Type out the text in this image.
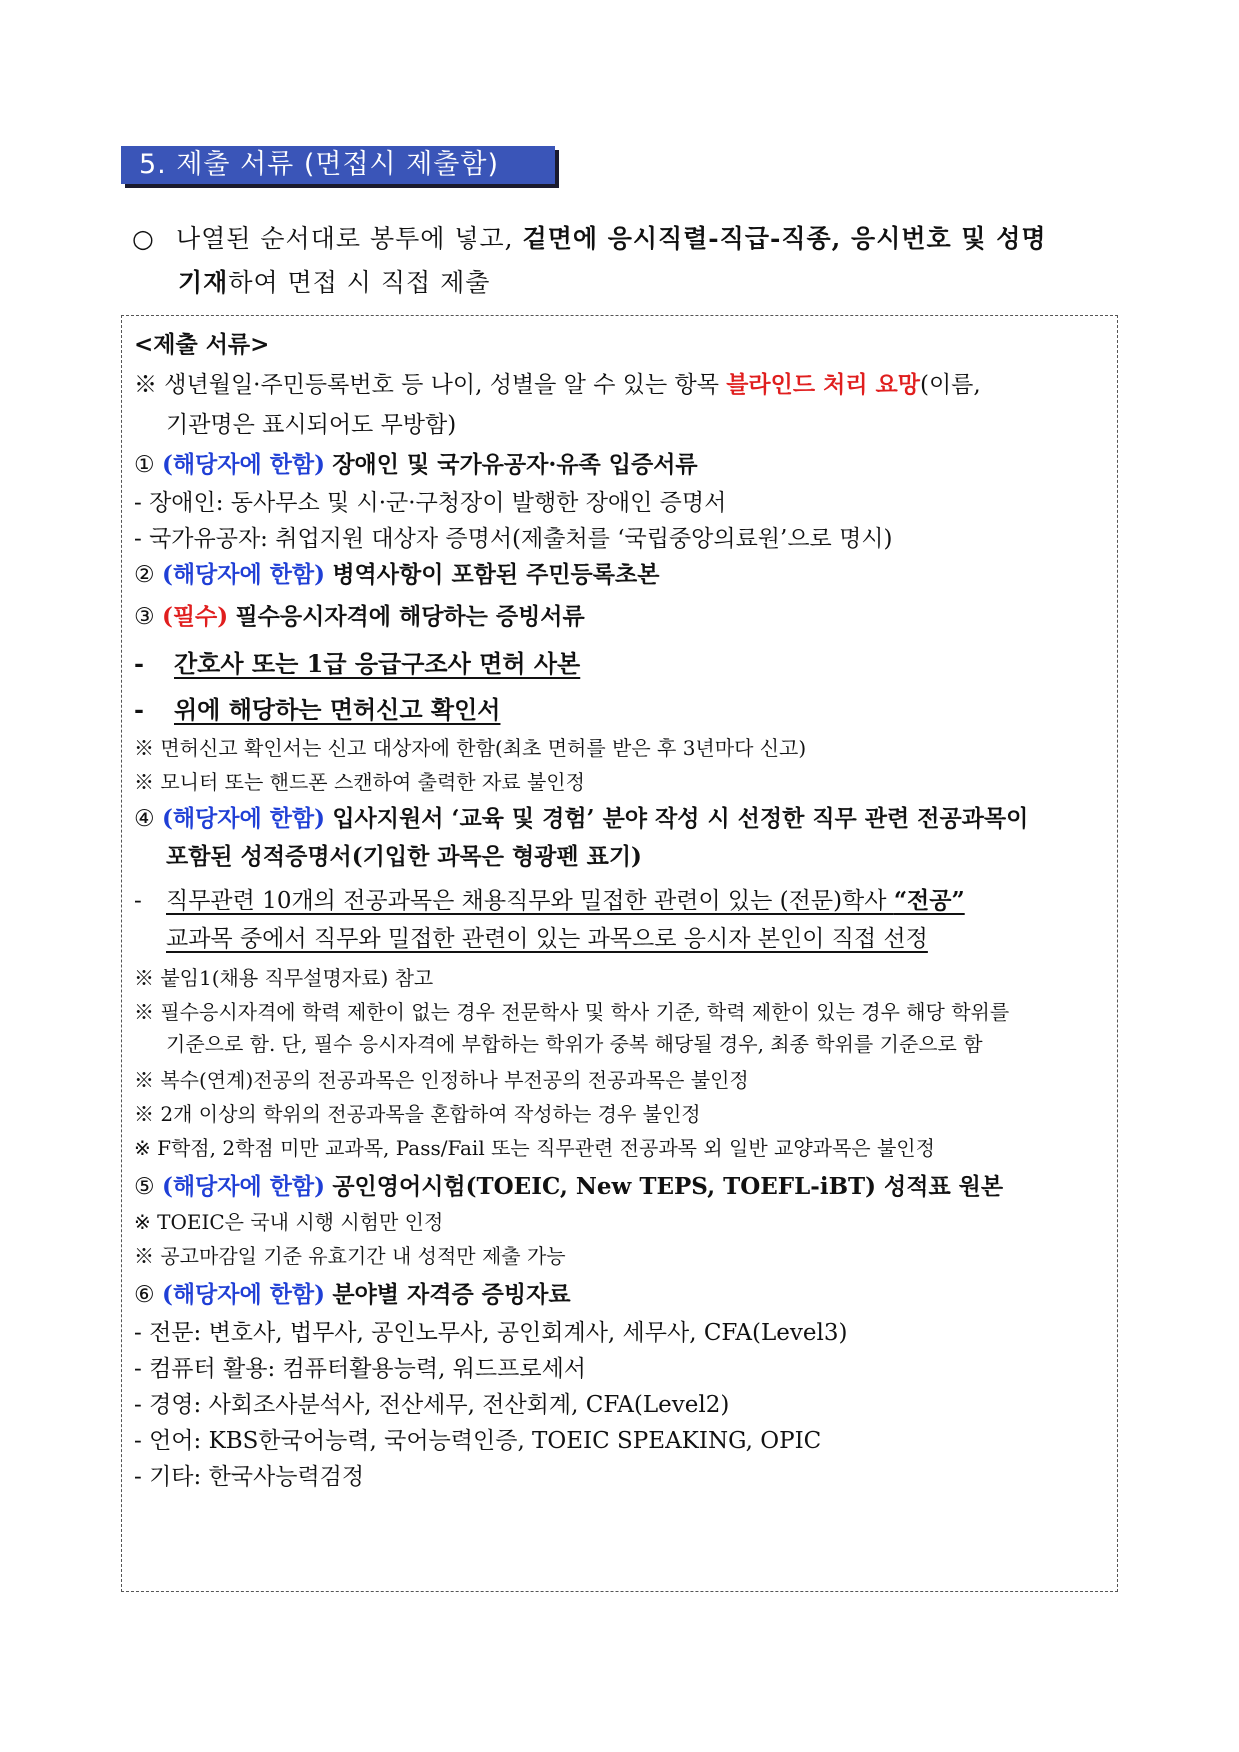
5. 제출 서류 (면접시 제출함)
○ 나열된 순서대로 봉투에 넣고, 겉면에 응시직렬-직급-직종, 응시번호 및 성명
기재하여 면접 시 직접 제출
<제출 서류>
※ 생년월일·주민등록번호 등 나이, 성별을 알 수 있는 항목 블라인드 처리 요망(이름,
기관명은 표시되어도 무방함)
① (해당자에 한함) 장애인 및 국가유공자·유족 입증서류
- 장애인: 동사무소 및 시·군·구청장이 발행한 장애인 증명서
- 국가유공자: 취업지원 대상자 증명서(제출처를 ‘국립중앙의료원’으로 명시)
② (해당자에 한함) 병역사항이 포함된 주민등록초본
③ (필수) 필수응시자격에 해당하는 증빙서류
- 간호사 또는 1급 응급구조사 면허 사본
- 위에 해당하는 면허신고 확인서
※ 면허신고 확인서는 신고 대상자에 한함(최초 면허를 받은 후 3년마다 신고)
※ 모니터 또는 핸드폰 스캔하여 출력한 자료 불인정
④ (해당자에 한함) 입사지원서 ‘교육 및 경험’ 분야 작성 시 선정한 직무 관련 전공과목이
포함된 성적증명서(기입한 과목은 형광펜 표기)
- 직무관련 10개의 전공과목은 채용직무와 밀접한 관련이 있는 (전문)학사 “전공”
교과목 중에서 직무와 밀접한 관련이 있는 과목으로 응시자 본인이 직접 선정
※ 붙임1(채용 직무설명자료) 참고
※ 필수응시자격에 학력 제한이 없는 경우 전문학사 및 학사 기준, 학력 제한이 있는 경우 해당 학위를
기준으로 함. 단, 필수 응시자격에 부합하는 학위가 중복 해당될 경우, 최종 학위를 기준으로 함
※ 복수(연계)전공의 전공과목은 인정하나 부전공의 전공과목은 불인정
※ 2개 이상의 학위의 전공과목을 혼합하여 작성하는 경우 불인정
※ F학점, 2학점 미만 교과목, Pass/Fail 또는 직무관련 전공과목 외 일반 교양과목은 불인정
⑤ (해당자에 한함) 공인영어시험(TOEIC, New TEPS, TOEFL-iBT) 성적표 원본
※ TOEIC은 국내 시행 시험만 인정
※ 공고마감일 기준 유효기간 내 성적만 제출 가능
⑥ (해당자에 한함) 분야별 자격증 증빙자료
- 전문: 변호사, 법무사, 공인노무사, 공인회계사, 세무사, CFA(Level3)
- 컴퓨터 활용: 컴퓨터활용능력, 워드프로세서
- 경영: 사회조사분석사, 전산세무, 전산회계, CFA(Level2)
- 언어: KBS한국어능력, 국어능력인증, TOEIC SPEAKING, OPIC
- 기타: 한국사능력검정
